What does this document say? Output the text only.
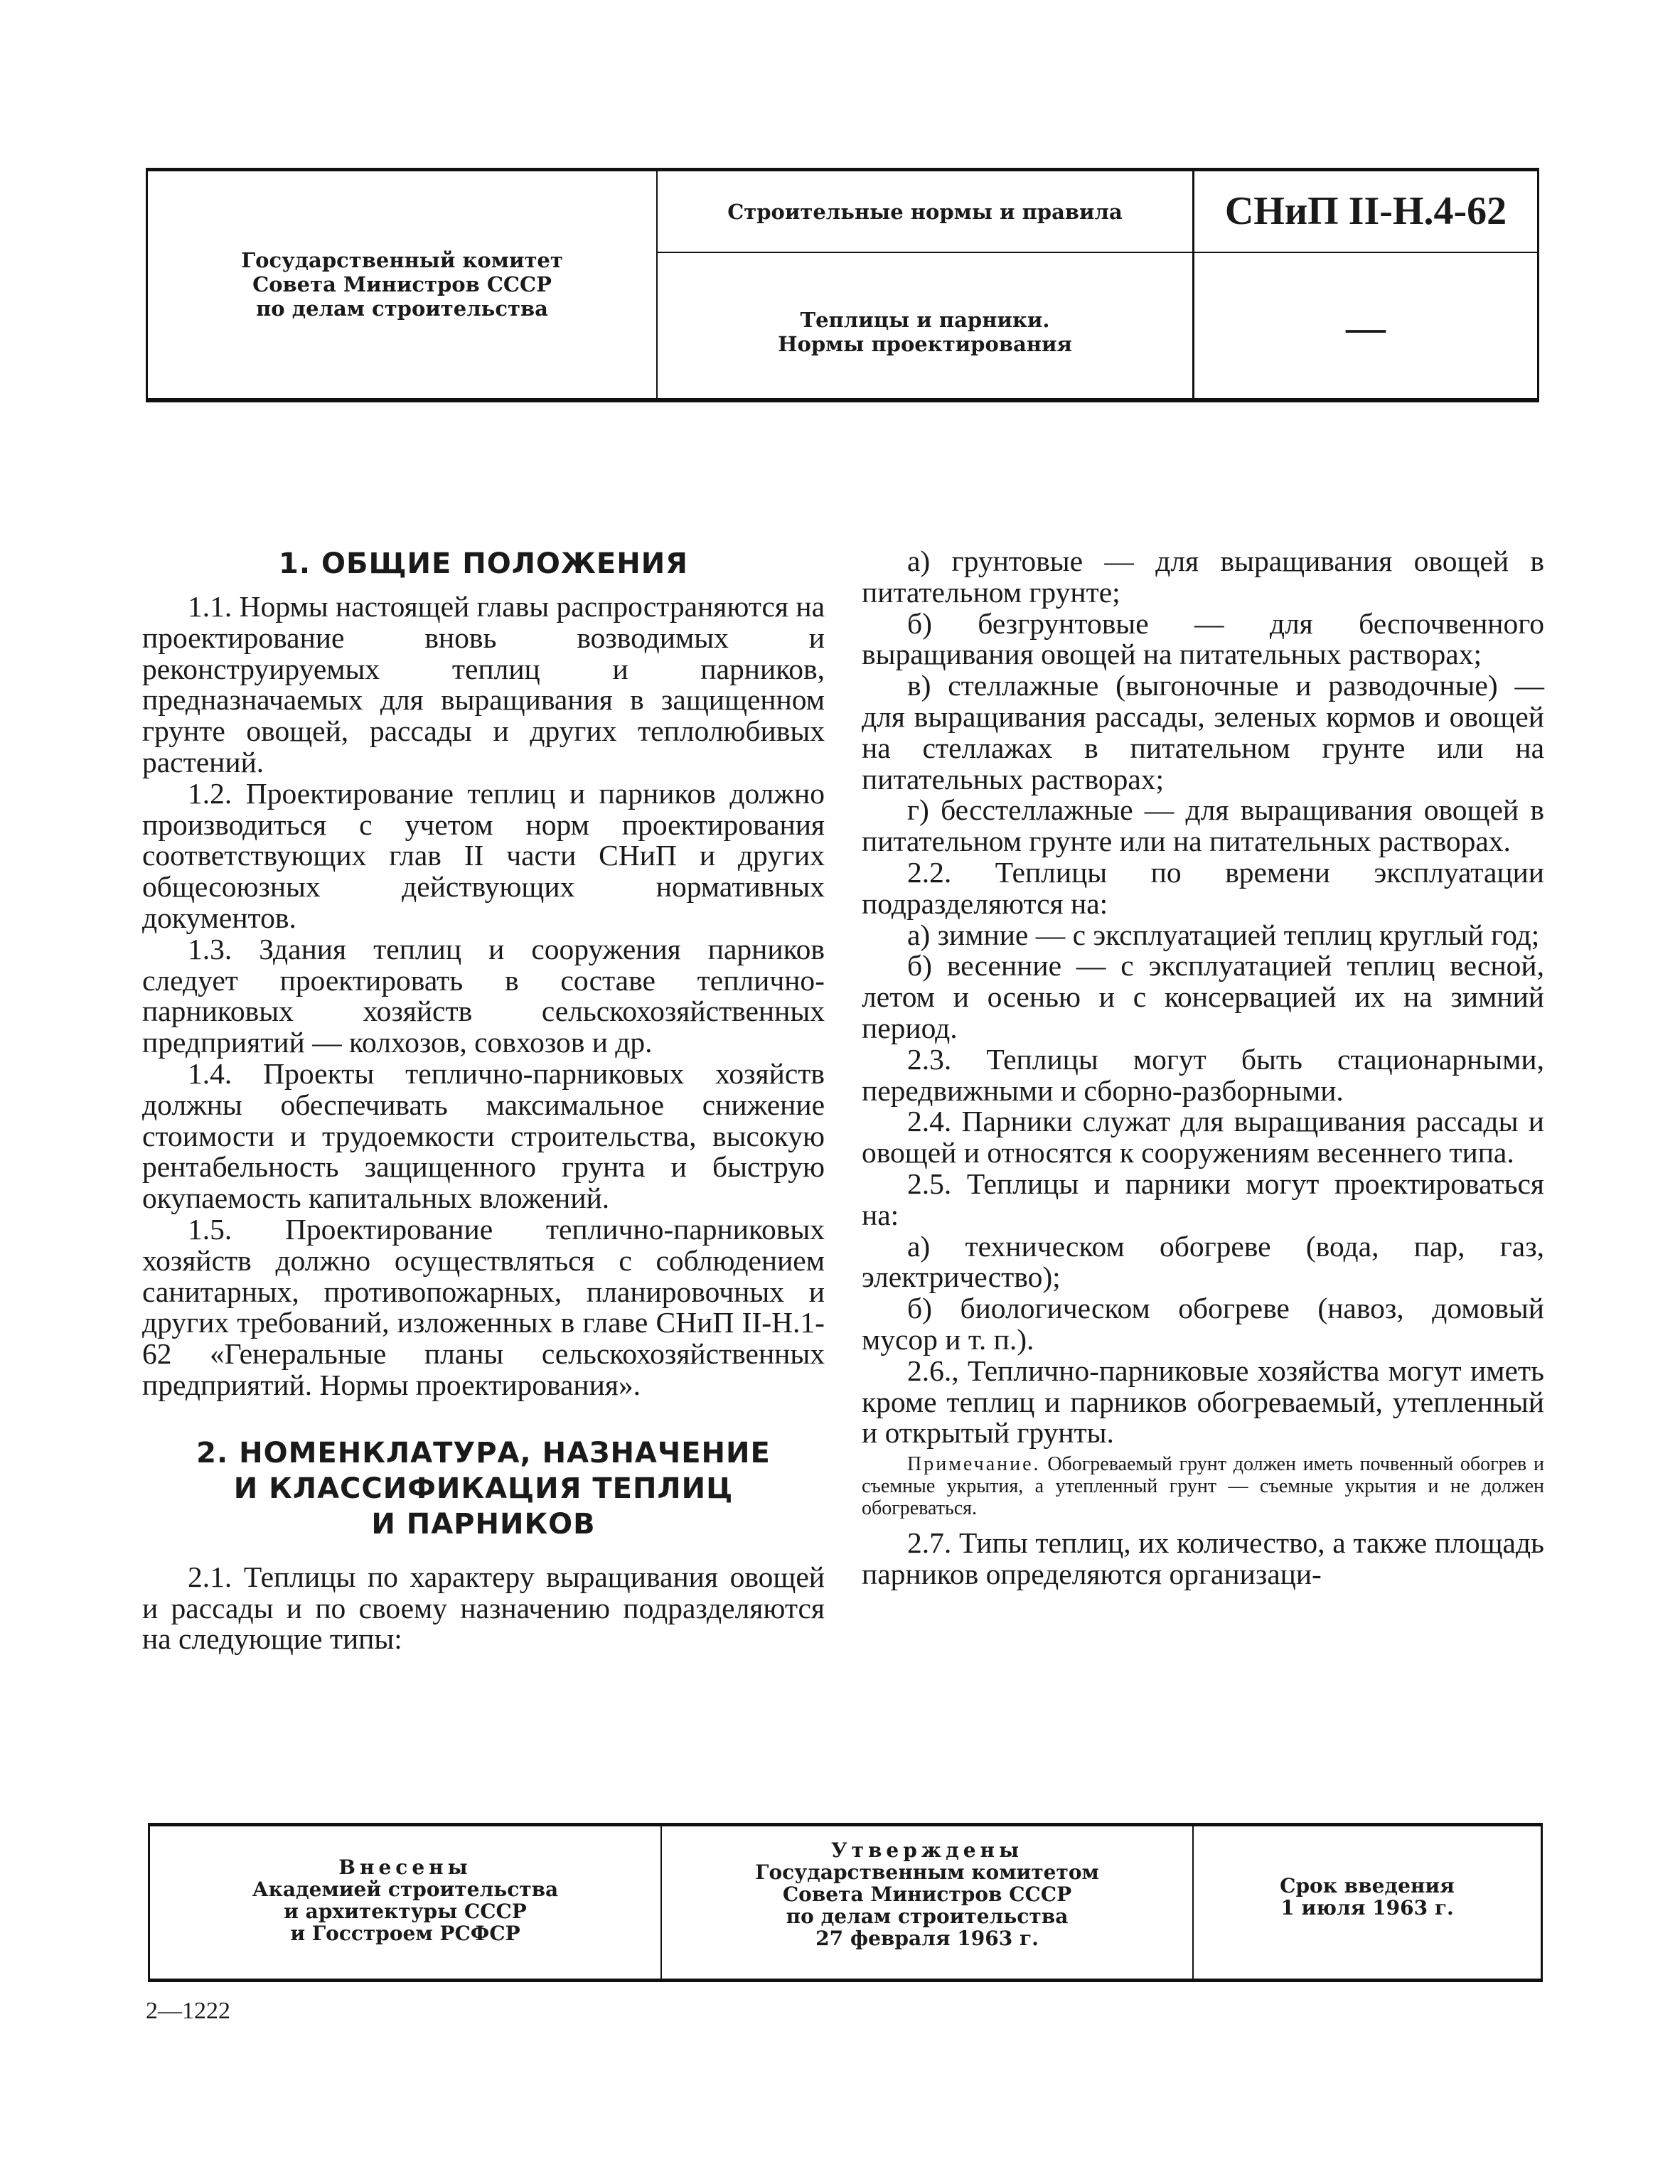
Государственный комитет
Совета Министров СССР
по делам строительства
Строительные нормы и правила
Теплицы и парники.
Нормы проектирования
СНиП II-Н.4-62
—
1. ОБЩИЕ ПОЛОЖЕНИЯ

1.1. Нормы настоящей главы распространяются на проектирование вновь возводимых и реконструируемых теплиц и парников, предназначаемых для выращивания в защищенном грунте овощей, рассады и других теплолюбивых растений.

1.2. Проектирование теплиц и парников должно производиться с учетом норм проектирования соответствующих глав II части СНиП и других общесоюзных действующих нормативных документов.

1.3. Здания теплиц и сооружения парников следует проектировать в составе теплично-парниковых хозяйств сельскохозяйственных предприятий — колхозов, совхозов и др.

1.4. Проекты теплично-парниковых хозяйств должны обеспечивать максимальное снижение стоимости и трудоемкости строительства, высокую рентабельность защищенного грунта и быструю окупаемость капитальных вложений.

1.5. Проектирование теплично-парниковых хозяйств должно осуществляться с соблюдением санитарных, противопожарных, планировочных и других требований, изложенных в главе СНиП II-Н.1-62 «Генеральные планы сельскохозяйственных предприятий. Нормы проектирования».

2. НОМЕНКЛАТУРА, НАЗНАЧЕНИЕ
И КЛАССИФИКАЦИЯ ТЕПЛИЦ
И ПАРНИКОВ

2.1. Теплицы по характеру выращивания овощей и рассады и по своему назначению подразделяются на следующие типы:

а) грунтовые — для выращивания овощей в питательном грунте;

б) безгрунтовые — для беспочвенного выращивания овощей на питательных растворах;

в) стеллажные (выгоночные и разводочные) — для выращивания рассады, зеленых кормов и овощей на стеллажах в питательном грунте или на питательных растворах;

г) бесстеллажные — для выращивания овощей в питательном грунте или на питательных растворах.

2.2. Теплицы по времени эксплуатации подразделяются на:

а) зимние — с эксплуатацией теплиц круглый год;

б) весенние — с эксплуатацией теплиц весной, летом и осенью и с консервацией их на зимний период.

2.3. Теплицы могут быть стационарными, передвижными и сборно-разборными.

2.4. Парники служат для выращивания рассады и овощей и относятся к сооружениям весеннего типа.

2.5. Теплицы и парники могут проектироваться на:

а) техническом обогреве (вода, пар, газ, электричество);

б) биологическом обогреве (навоз, домовый мусор и т. п.).

2.6., Теплично-парниковые хозяйства могут иметь кроме теплиц и парников обогреваемый, утепленный и открытый грунты.

Примечание. Обогреваемый грунт должен иметь почвенный обогрев и съемные укрытия, а утепленный грунт — съемные укрытия и не должен обогреваться.

2.7. Типы теплиц, их количество, а также площадь парников определяются организаци-

Внесены
Академией строительства
и архитектуры СССР
и Госстроем РСФСР
Утверждены
Государственным комитетом
Совета Министров СССР
по делам строительства
27 февраля 1963 г.
Срок введения
1 июля 1963 г.
2—1222
